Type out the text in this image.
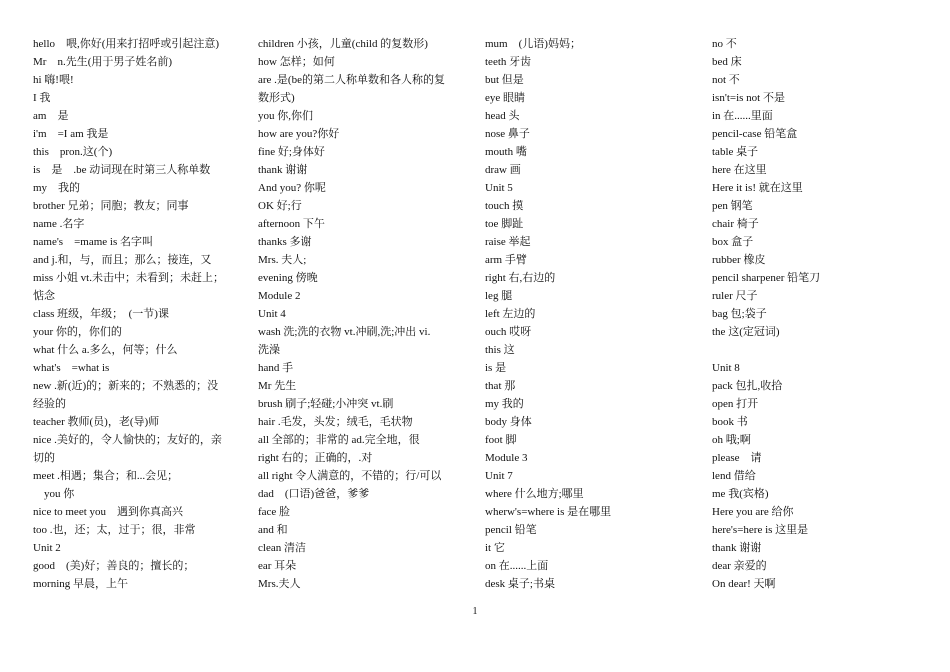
hello　喂,你好(用来打招呼或引起注意)
Mr　n.先生(用于男子姓名前)
hi 嗨!喂!
I 我
am　是
i'm　=I am 我是
this　pron.这(个)
is　是　.be 动词现在时第三人称单数
my　我的
brother 兄弟；同胞；教友；同事
name .名字
name's　=mame is 名字叫
and j.和，与，而且；那么；接连，又
miss 小姐 vt.未击中；未看到；未赶上；
惦念
class 班级，年级；　(一节)课
your 你的，你们的
what 什么 a.多么，何等；什么
what's　=what is
new .新(近)的；新来的；不熟悉的；没
经验的
teacher 教师(员)，老(导)师
nice .美好的，令人愉快的；友好的，亲
切的
meet .相遇；集合；和...会见；
　you 你
nice to meet you　遇到你真高兴
too .也，还；太，过于；很，非常
Unit 2
good　(美)好；善良的；擅长的；
morning 早晨，上午
children 小孩，儿童(child 的复数形)
how 怎样；如何
are .是(be的第二人称单数和各人称的复
数形式)
you 你,你们
how are you?你好
fine 好;身体好
thank 谢谢
And you? 你呢
OK 好;行
afternoon 下午
thanks 多谢
Mrs. 夫人;
evening 傍晚
Module 2
Unit 4
wash 洗;洗的衣物 vt.冲刷,洗;冲出 vi.
洗澡
hand 手
Mr 先生
brush 刷子;轻碰;小冲突 vt.刷
hair .毛发，头发；绒毛，毛状物
all 全部的；非常的 ad.完全地，很
right 右的；正确的，.对
all right 令人满意的，不错的；行/可以
dad　(口语)爸爸，爹爹
face 脸
and 和
clean 清洁
ear 耳朵
Mrs.夫人
mum　(儿语)妈妈；
teeth 牙齿
but 但是
eye 眼睛
head 头
nose 鼻子
mouth 嘴
draw 画
Unit 5
touch 摸
toe 脚趾
raise 举起
arm 手臂
right 右,右边的
leg 腿
left 左边的
ouch 哎呀
this 这
is 是
that 那
my 我的
body 身体
foot 脚
Module 3
Unit 7
where 什么地方;哪里
wherw's=where is 是在哪里
pencil 铅笔
it 它
on 在......上面
desk 桌子;书桌
no 不
bed 床
not 不
isn't=is not 不是
in 在......里面
pencil-case 铅笔盒
table 桌子
here 在这里
Here it is! 就在这里
pen 钢笔
chair 椅子
box 盒子
rubber 橡皮
pencil sharpener 铅笔刀
ruler 尺子
bag 包;袋子
the 这(定冠词)
Unit 8
pack 包扎,收拾
open 打开
book 书
oh 哦;啊
please　请
lend 借给
me 我(宾格)
Here you are 给你
here's=here is 这里是
thank 谢谢
dear 亲爱的
On dear! 天啊
1
